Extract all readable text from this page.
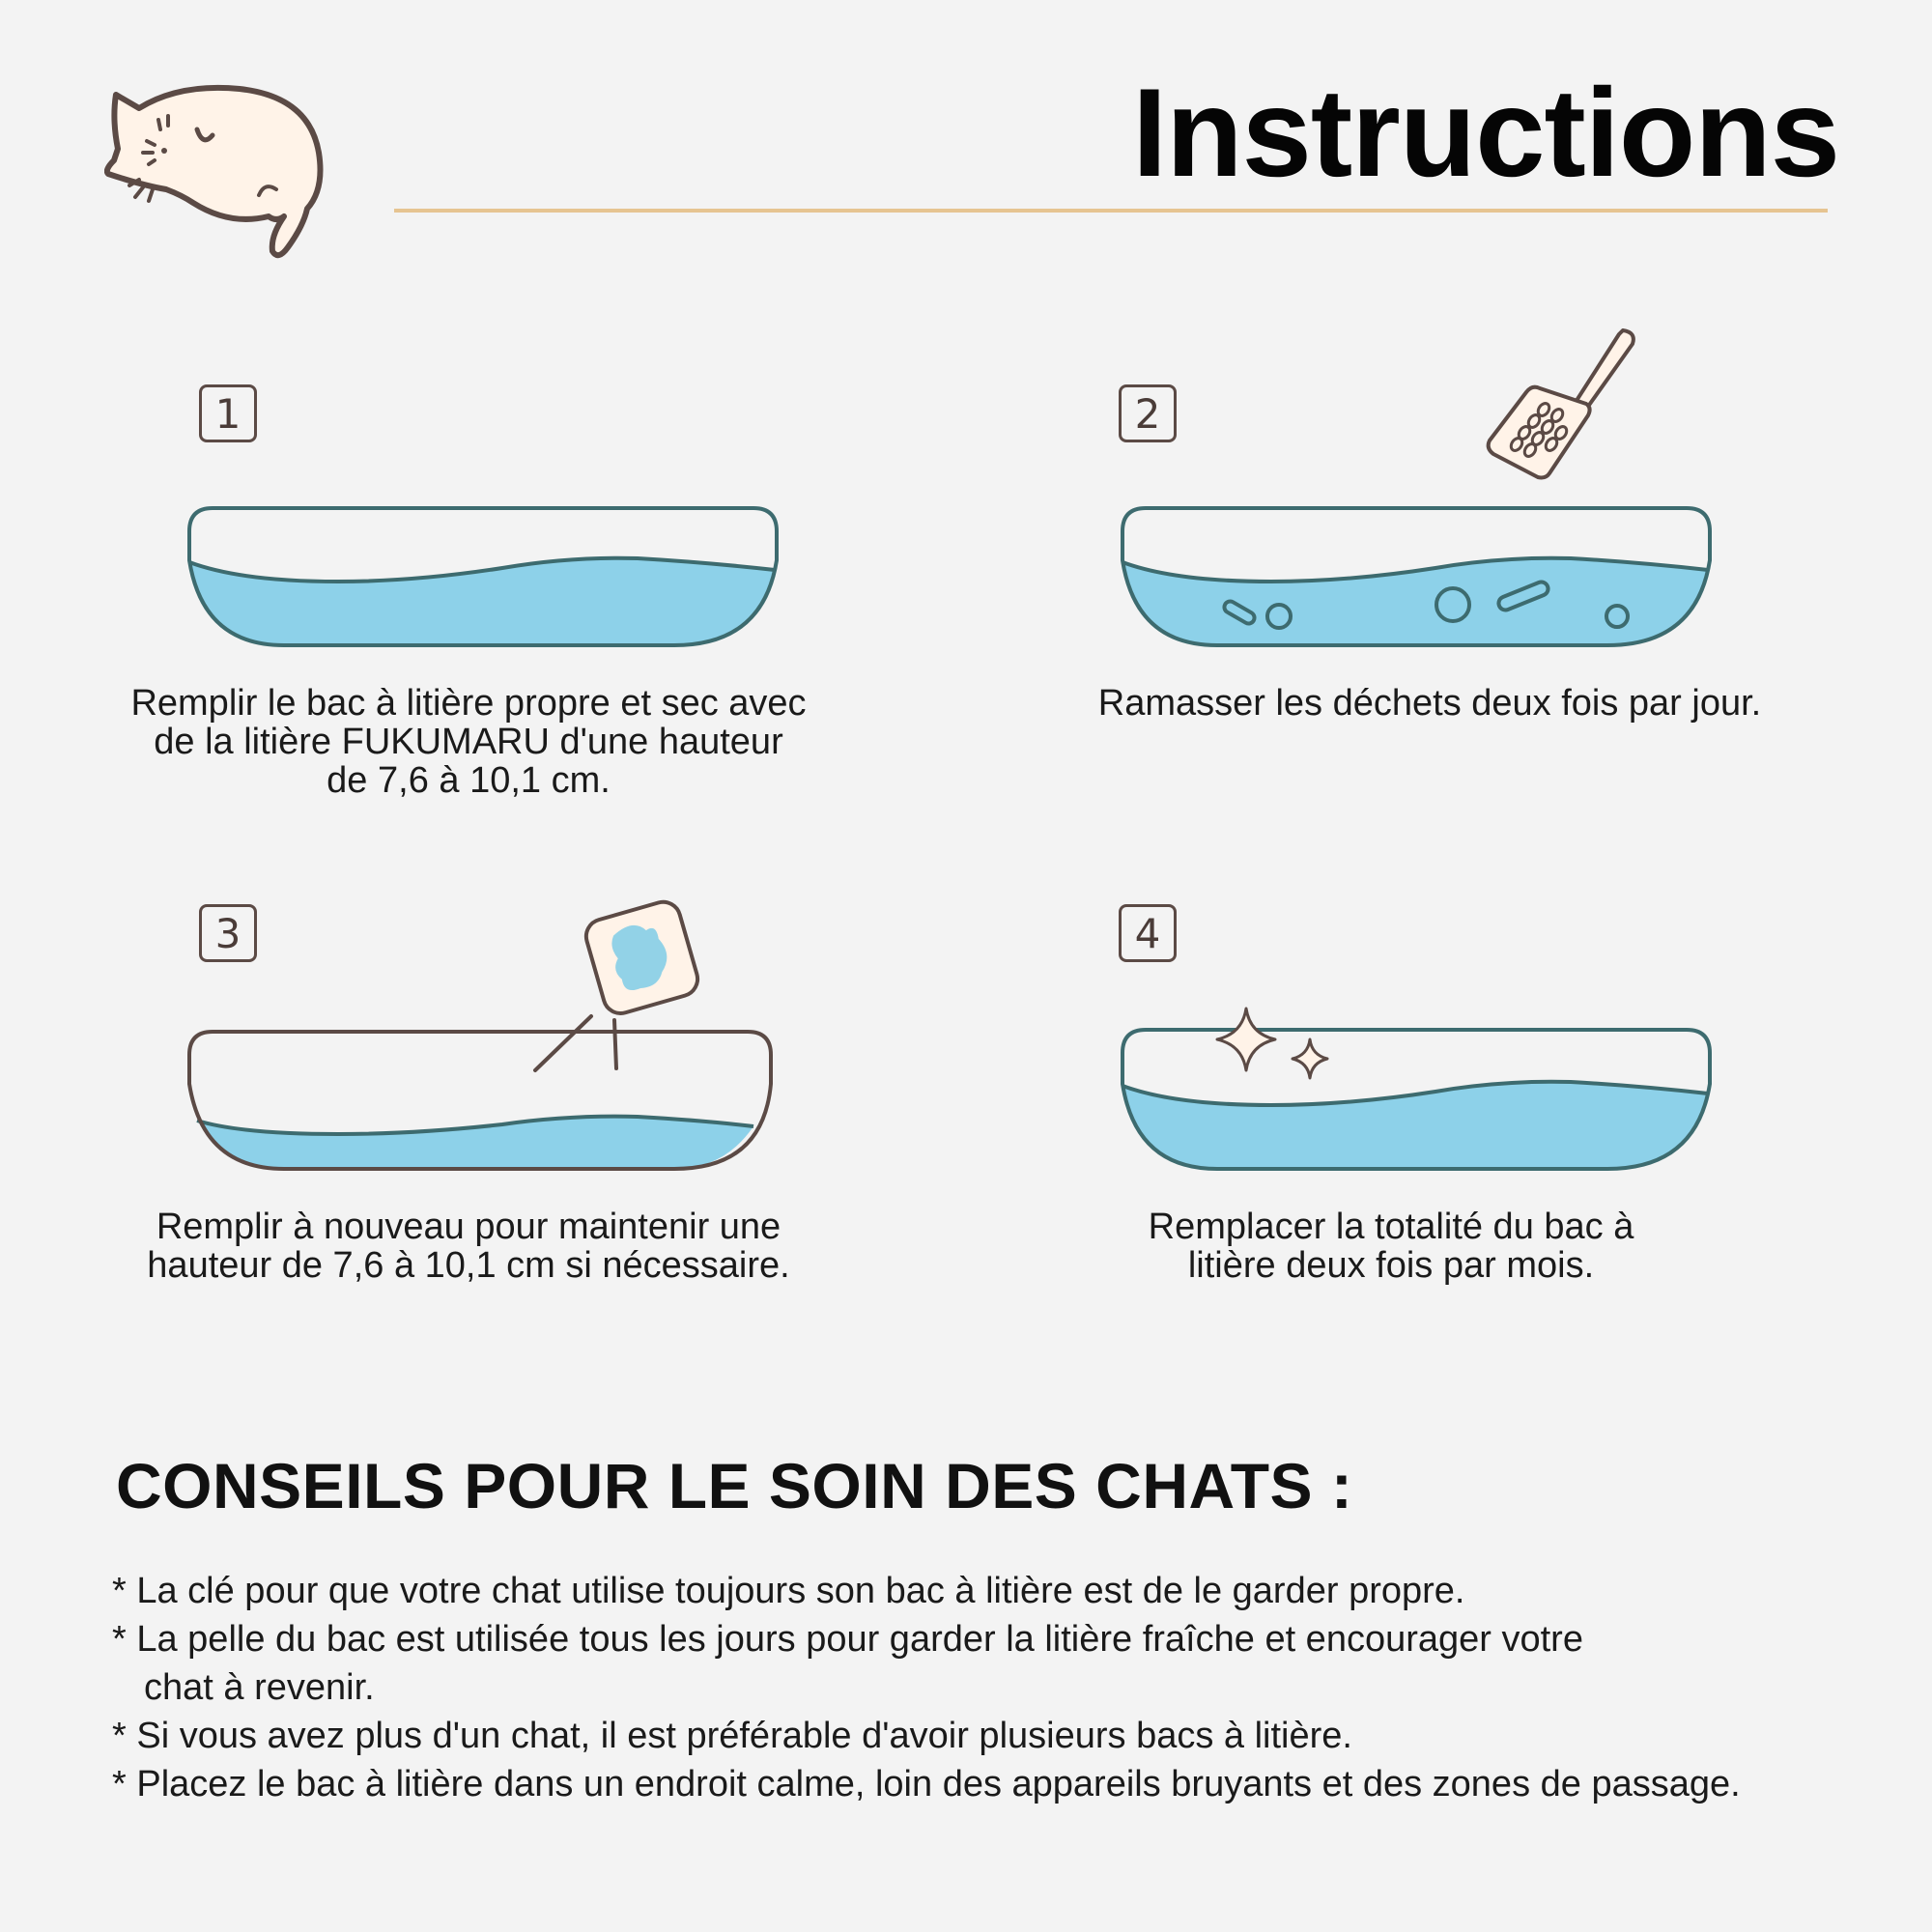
Instructions
1
Remplir le bac à litière propre et sec avec
de la litière FUKUMARU d'une hauteur
de 7,6 à 10,1 cm.
2
Ramasser les déchets deux fois par jour.
3
Remplir à nouveau pour maintenir une
hauteur de 7,6 à 10,1 cm si nécessaire.
4
Remplacer la totalité du bac à
litière deux fois par mois.
CONSEILS POUR LE SOIN DES CHATS :
* La clé pour que votre chat utilise toujours son bac à litière est de le garder propre.
* La pelle du bac est utilisée tous les jours pour garder la litière fraîche et encourager votre
chat à revenir.
* Si vous avez plus d'un chat, il est préférable d'avoir plusieurs bacs à litière.
* Placez le bac à litière dans un endroit calme, loin des appareils bruyants et des zones de passage.
